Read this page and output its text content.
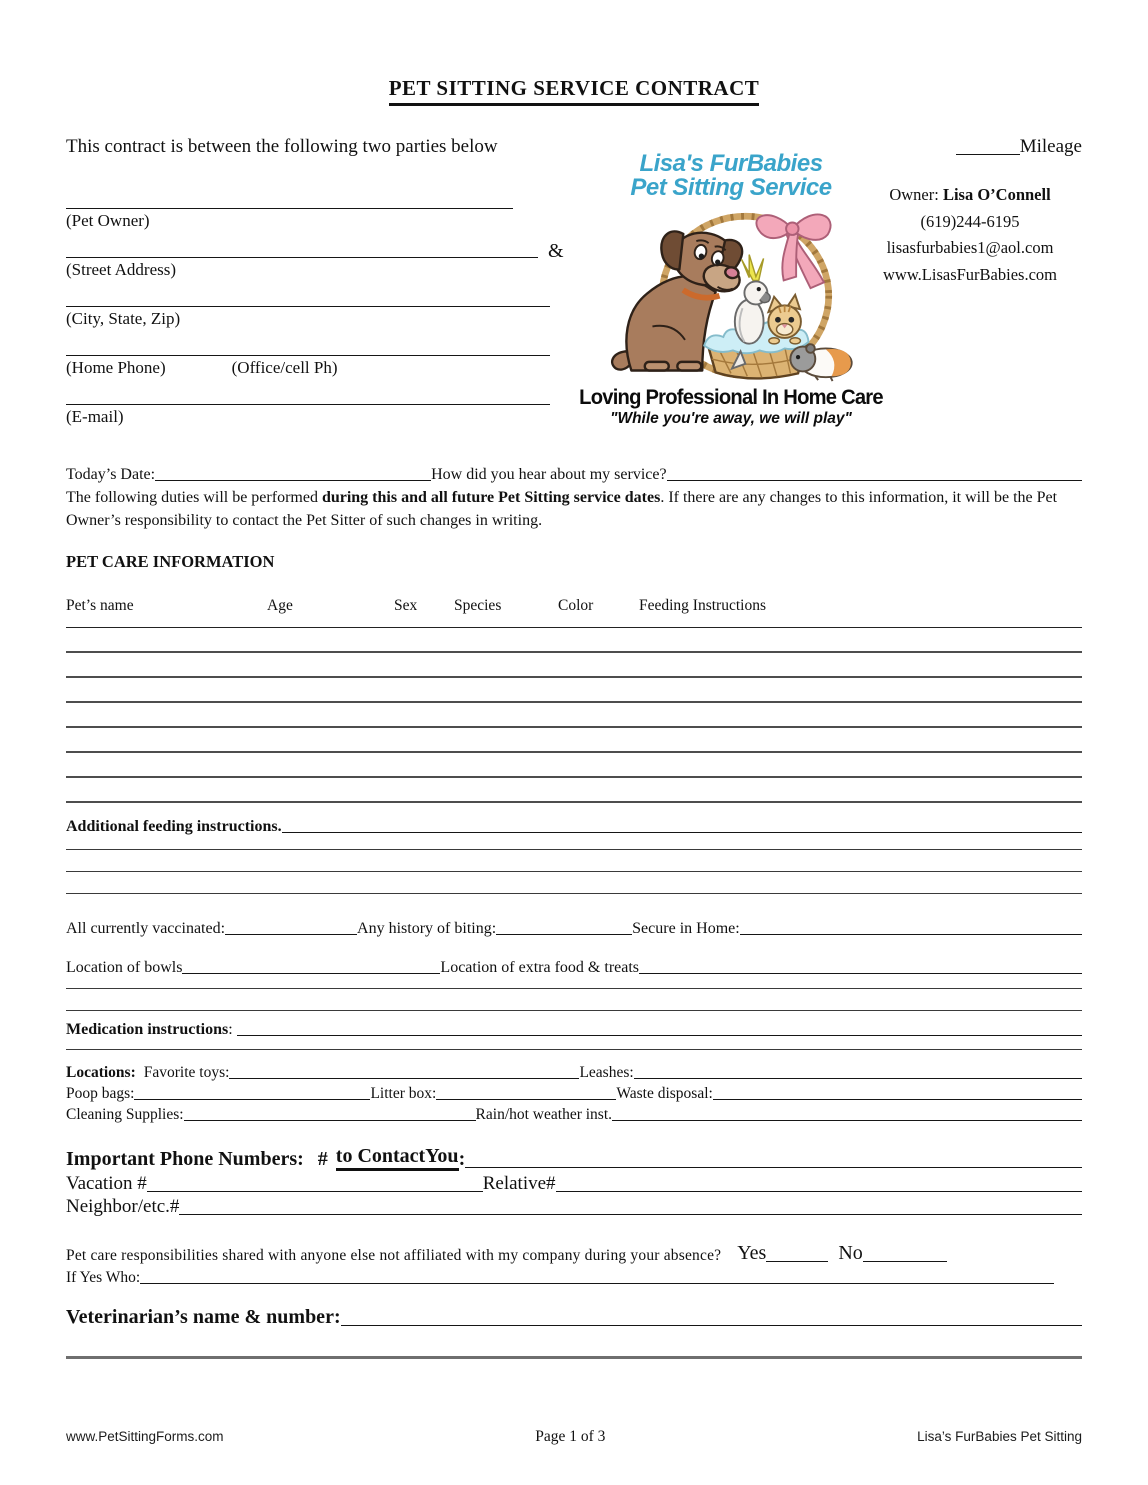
PET SITTING SERVICE CONTRACT
This contract is between the following two parties below	Mileage
(Pet Owner)
&
(Street Address)
(City, State, Zip)
(Home Phone)	(Office/cell Ph)
(E-mail)
Lisa's FurBabies
Pet Sitting Service
Loving Professional In Home Care
"While you're away, we will play"
Owner: Lisa O’Connell
(619)244-6195
lisasfurbabies1@aol.com
www.LisasFurBabies.com
Today’s Date:	How did you hear about my service?

The following duties will be performed during this and all future Pet Sitting service dates. If there are any changes to this information, it will be the Pet Owner’s responsibility to contact the Pet Sitter of such changes in writing.

PET CARE INFORMATION
Pet’s name	Age	Sex	Species	Color	Feeding Instructions
Additional feeding instructions.
All currently vaccinated:	Any history of biting:	Secure in Home:
Location of bowls	Location of extra food & treats
Medication instructions :
Locations: Favorite toys:	Leashes:
Poop bags:	Litter box:	Waste disposal:
Cleaning Supplies:	Rain/hot weather inst.
Important Phone Numbers: # to ContactYou :
Vacation #	Relative#
Neighbor/etc.#
Pet care responsibilities shared with anyone else not affiliated with my company during your absence? Yes	No
If Yes Who:
Veterinarian’s name & number :
www.PetSittingForms.com	Page 1 of 3	Lisa’s FurBabies Pet Sitting
